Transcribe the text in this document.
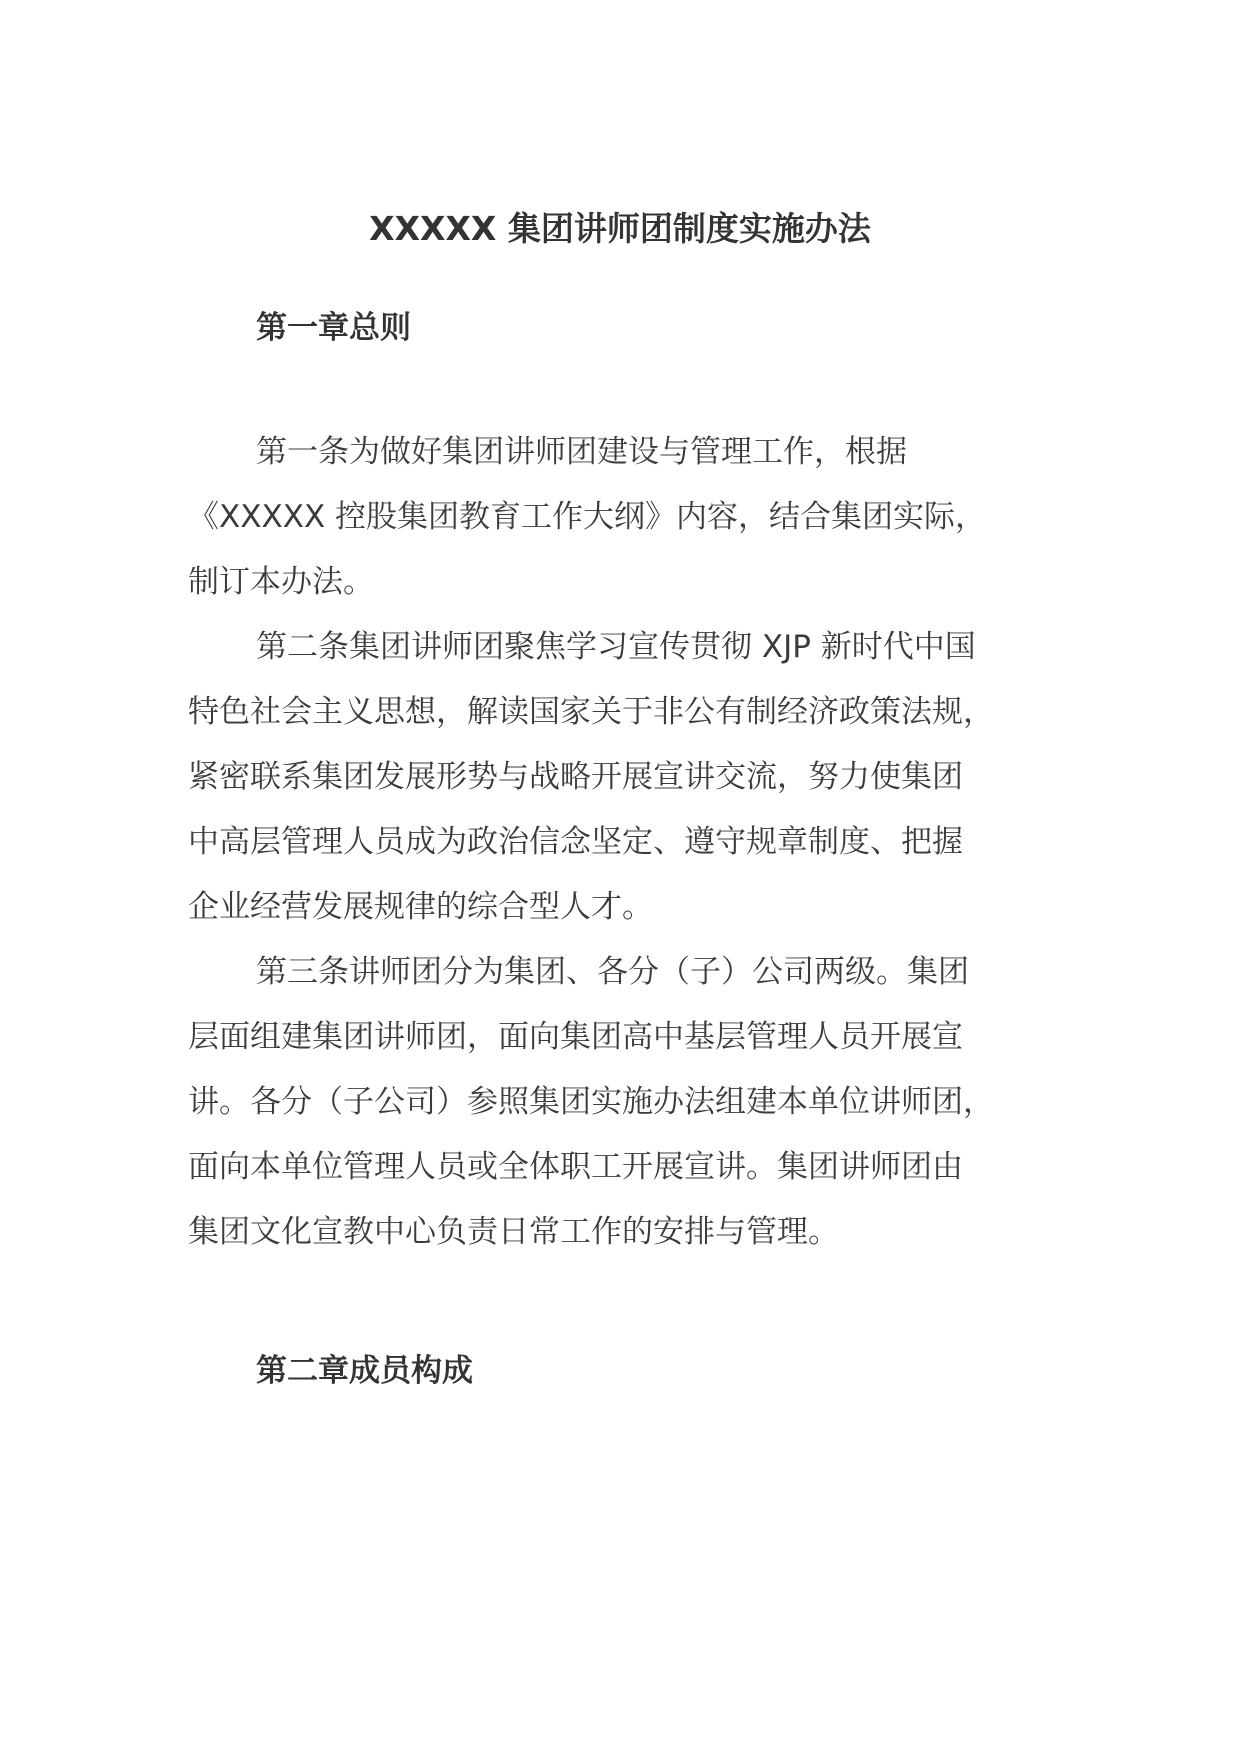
XXXXX 集团讲师团制度实施办法
第一章总则
第一条为做好集团讲师团建设与管理工作，根据
《XXXXX 控股集团教育工作大纲》内容，结合集团实际，
制订本办法。
第二条集团讲师团聚焦学习宣传贯彻 XJP 新时代中国
特色社会主义思想，解读国家关于非公有制经济政策法规，
紧密联系集团发展形势与战略开展宣讲交流，努力使集团
中高层管理人员成为政治信念坚定、遵守规章制度、把握
企业经营发展规律的综合型人才。
第三条讲师团分为集团、各分（子）公司两级。集团
层面组建集团讲师团，面向集团高中基层管理人员开展宣
讲。各分（子公司）参照集团实施办法组建本单位讲师团，
面向本单位管理人员或全体职工开展宣讲。集团讲师团由
集团文化宣教中心负责日常工作的安排与管理。
第二章成员构成
